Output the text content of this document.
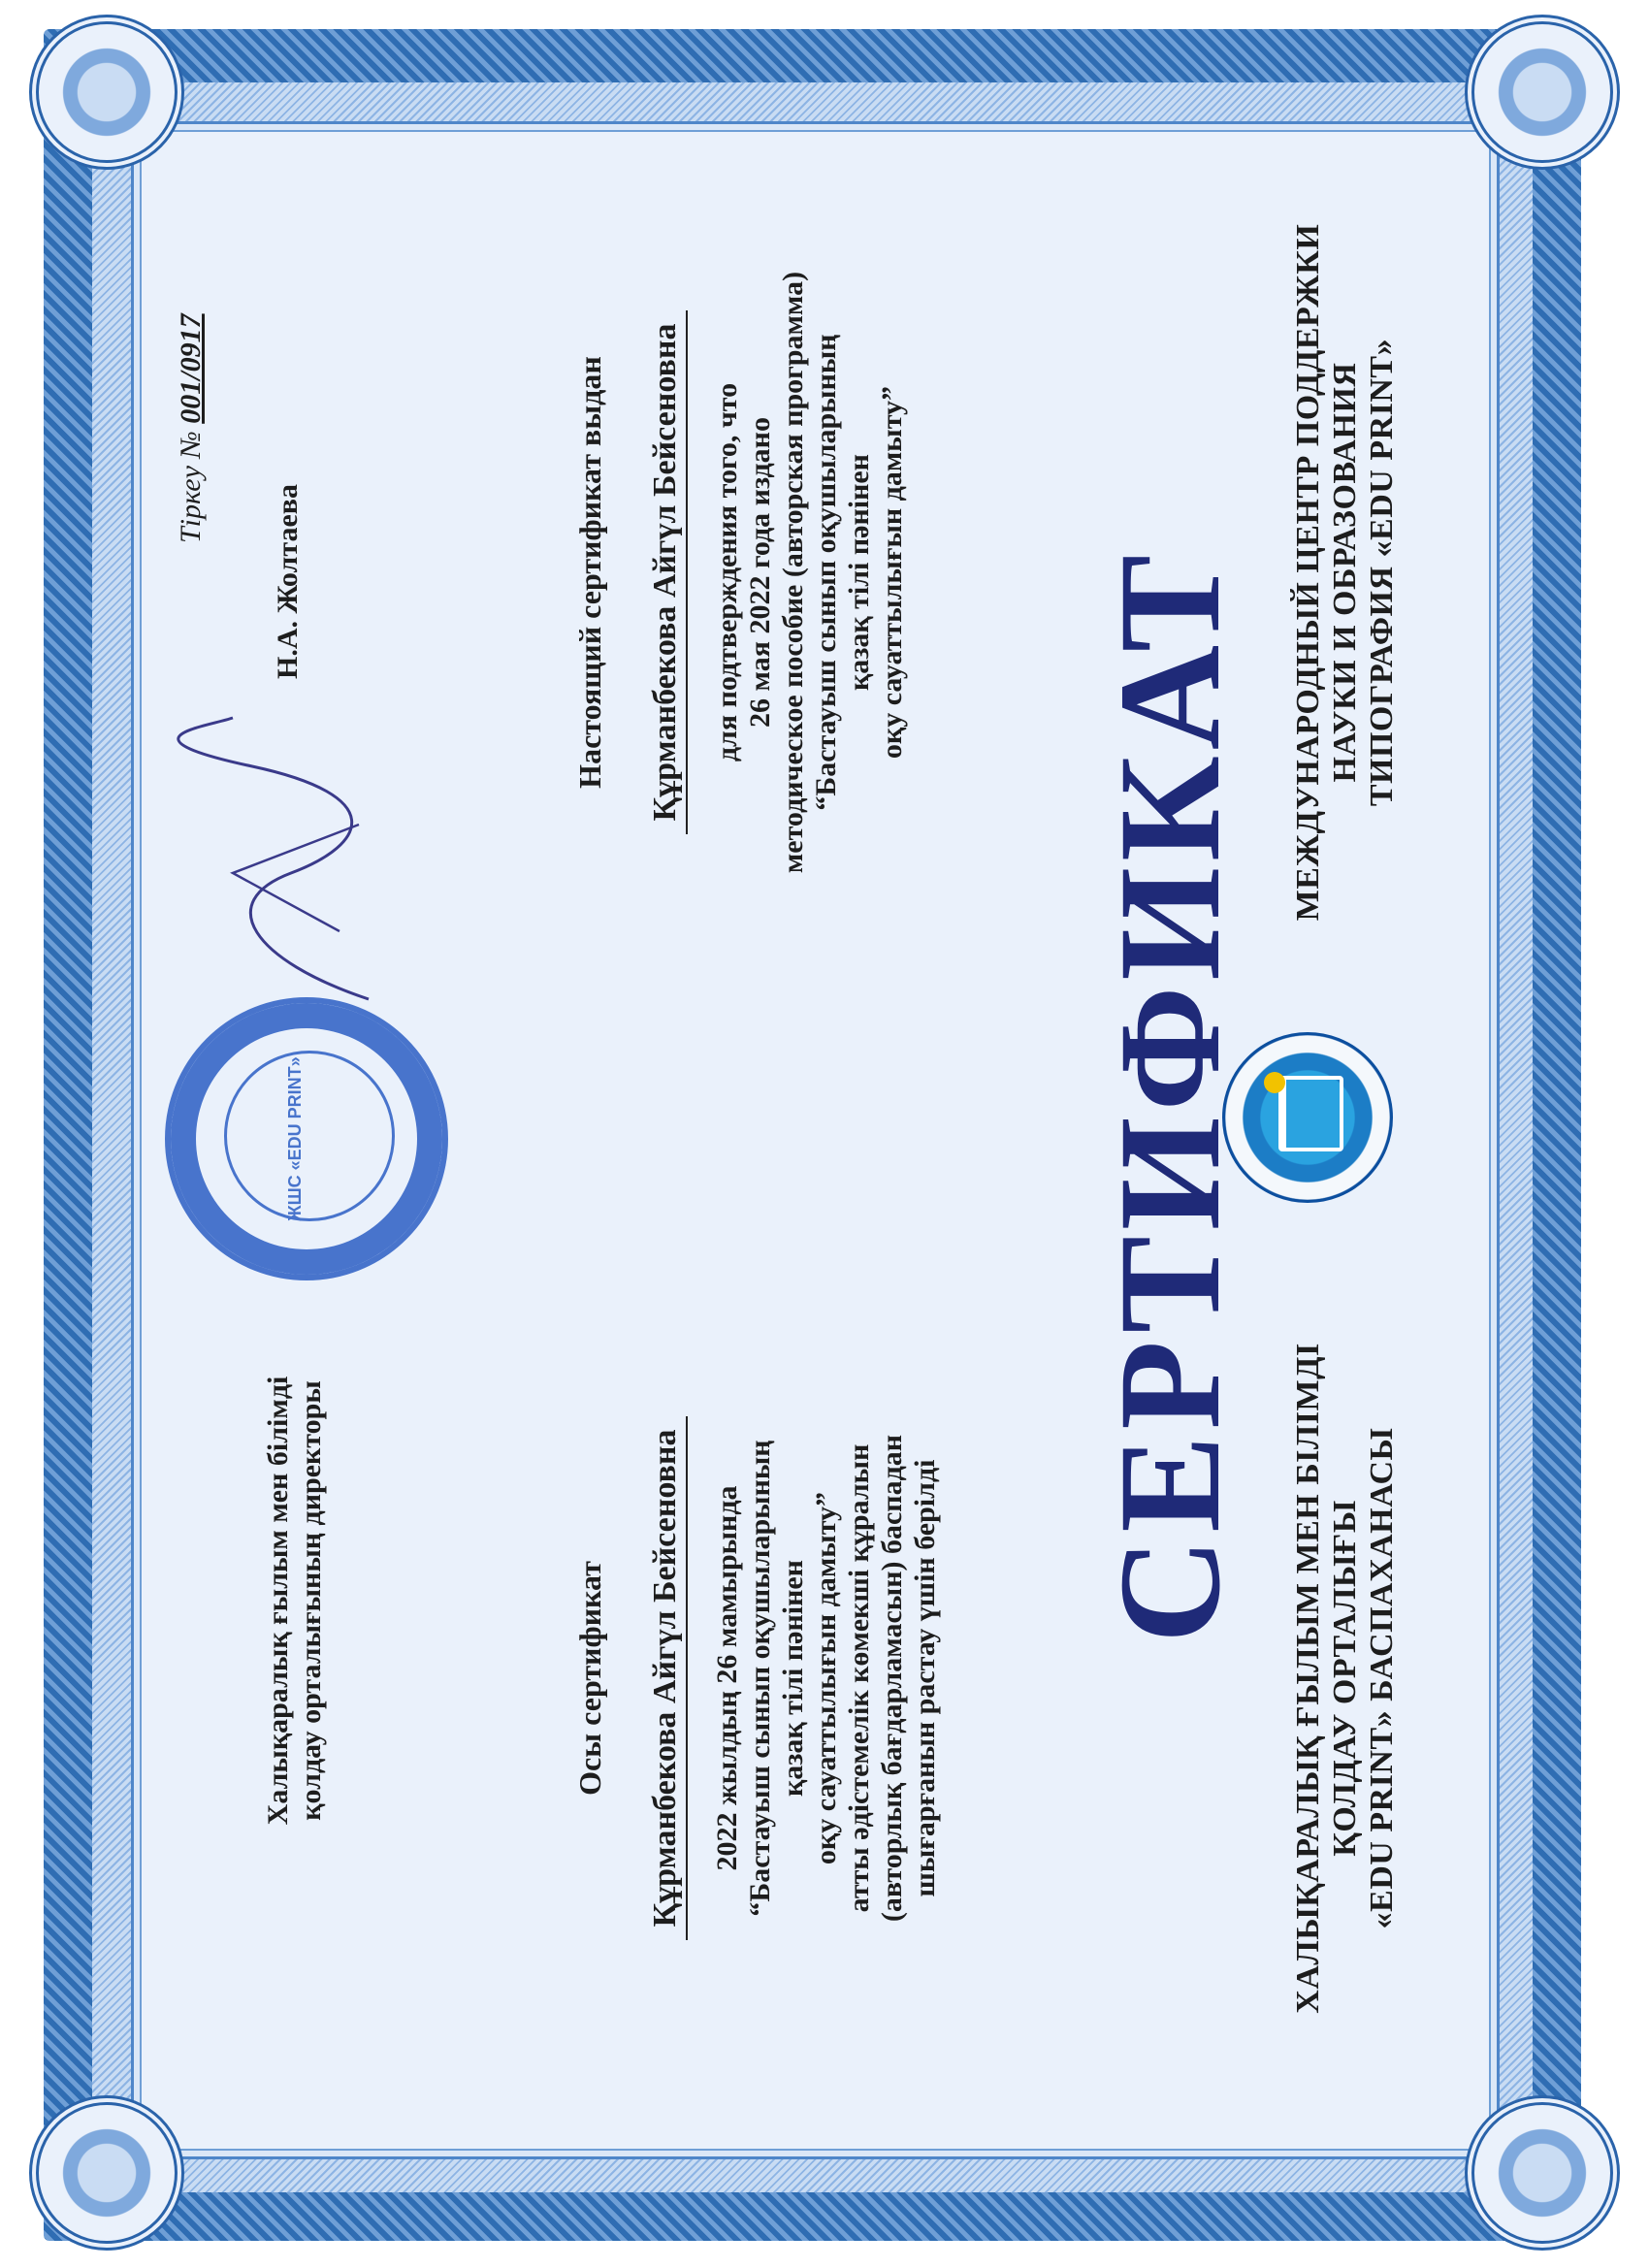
ХАЛЫҚАРАЛЫҚ ҒЫЛЫМ МЕН БІЛІМДІ ҚОЛДАУ ОРТАЛЫҒЫ «EDU PRINT» БАСПАХАНАСЫ
МЕЖДУНАРОДНЫЙ ЦЕНТР ПОДДЕРЖКИ НАУКИ И ОБРАЗОВАНИЯ ТИПОГРАФИЯ «EDU PRINT»
СЕРТИФИКАТ
Осы сертификат Құрманбекова Айгүл Бейсеновна 2022 жылдың 26 мамырында “Бастауыш сынып оқушыларының қазақ тілі пәнінен оқу сауаттылығын дамыту” атты әдістемелік көмекші құралын (авторлық бағдарламасын) баспадан шығарғанын растау үшін берілді
Настоящий сертификат выдан Құрманбекова Айгүл Бейсеновна для подтверждения того, что 26 мая 2022 года издано методическое пособие (авторская программа) “Бастауыш сынып оқушыларының қазақ тілі пәнінен оқу сауаттылығын дамыту”
Халықаралық ғылым мен білімді қолдау орталығының директоры
ЖШС «EDU PRINT»
Н.А. Жолтаева
Тіркеу № 001/0917
